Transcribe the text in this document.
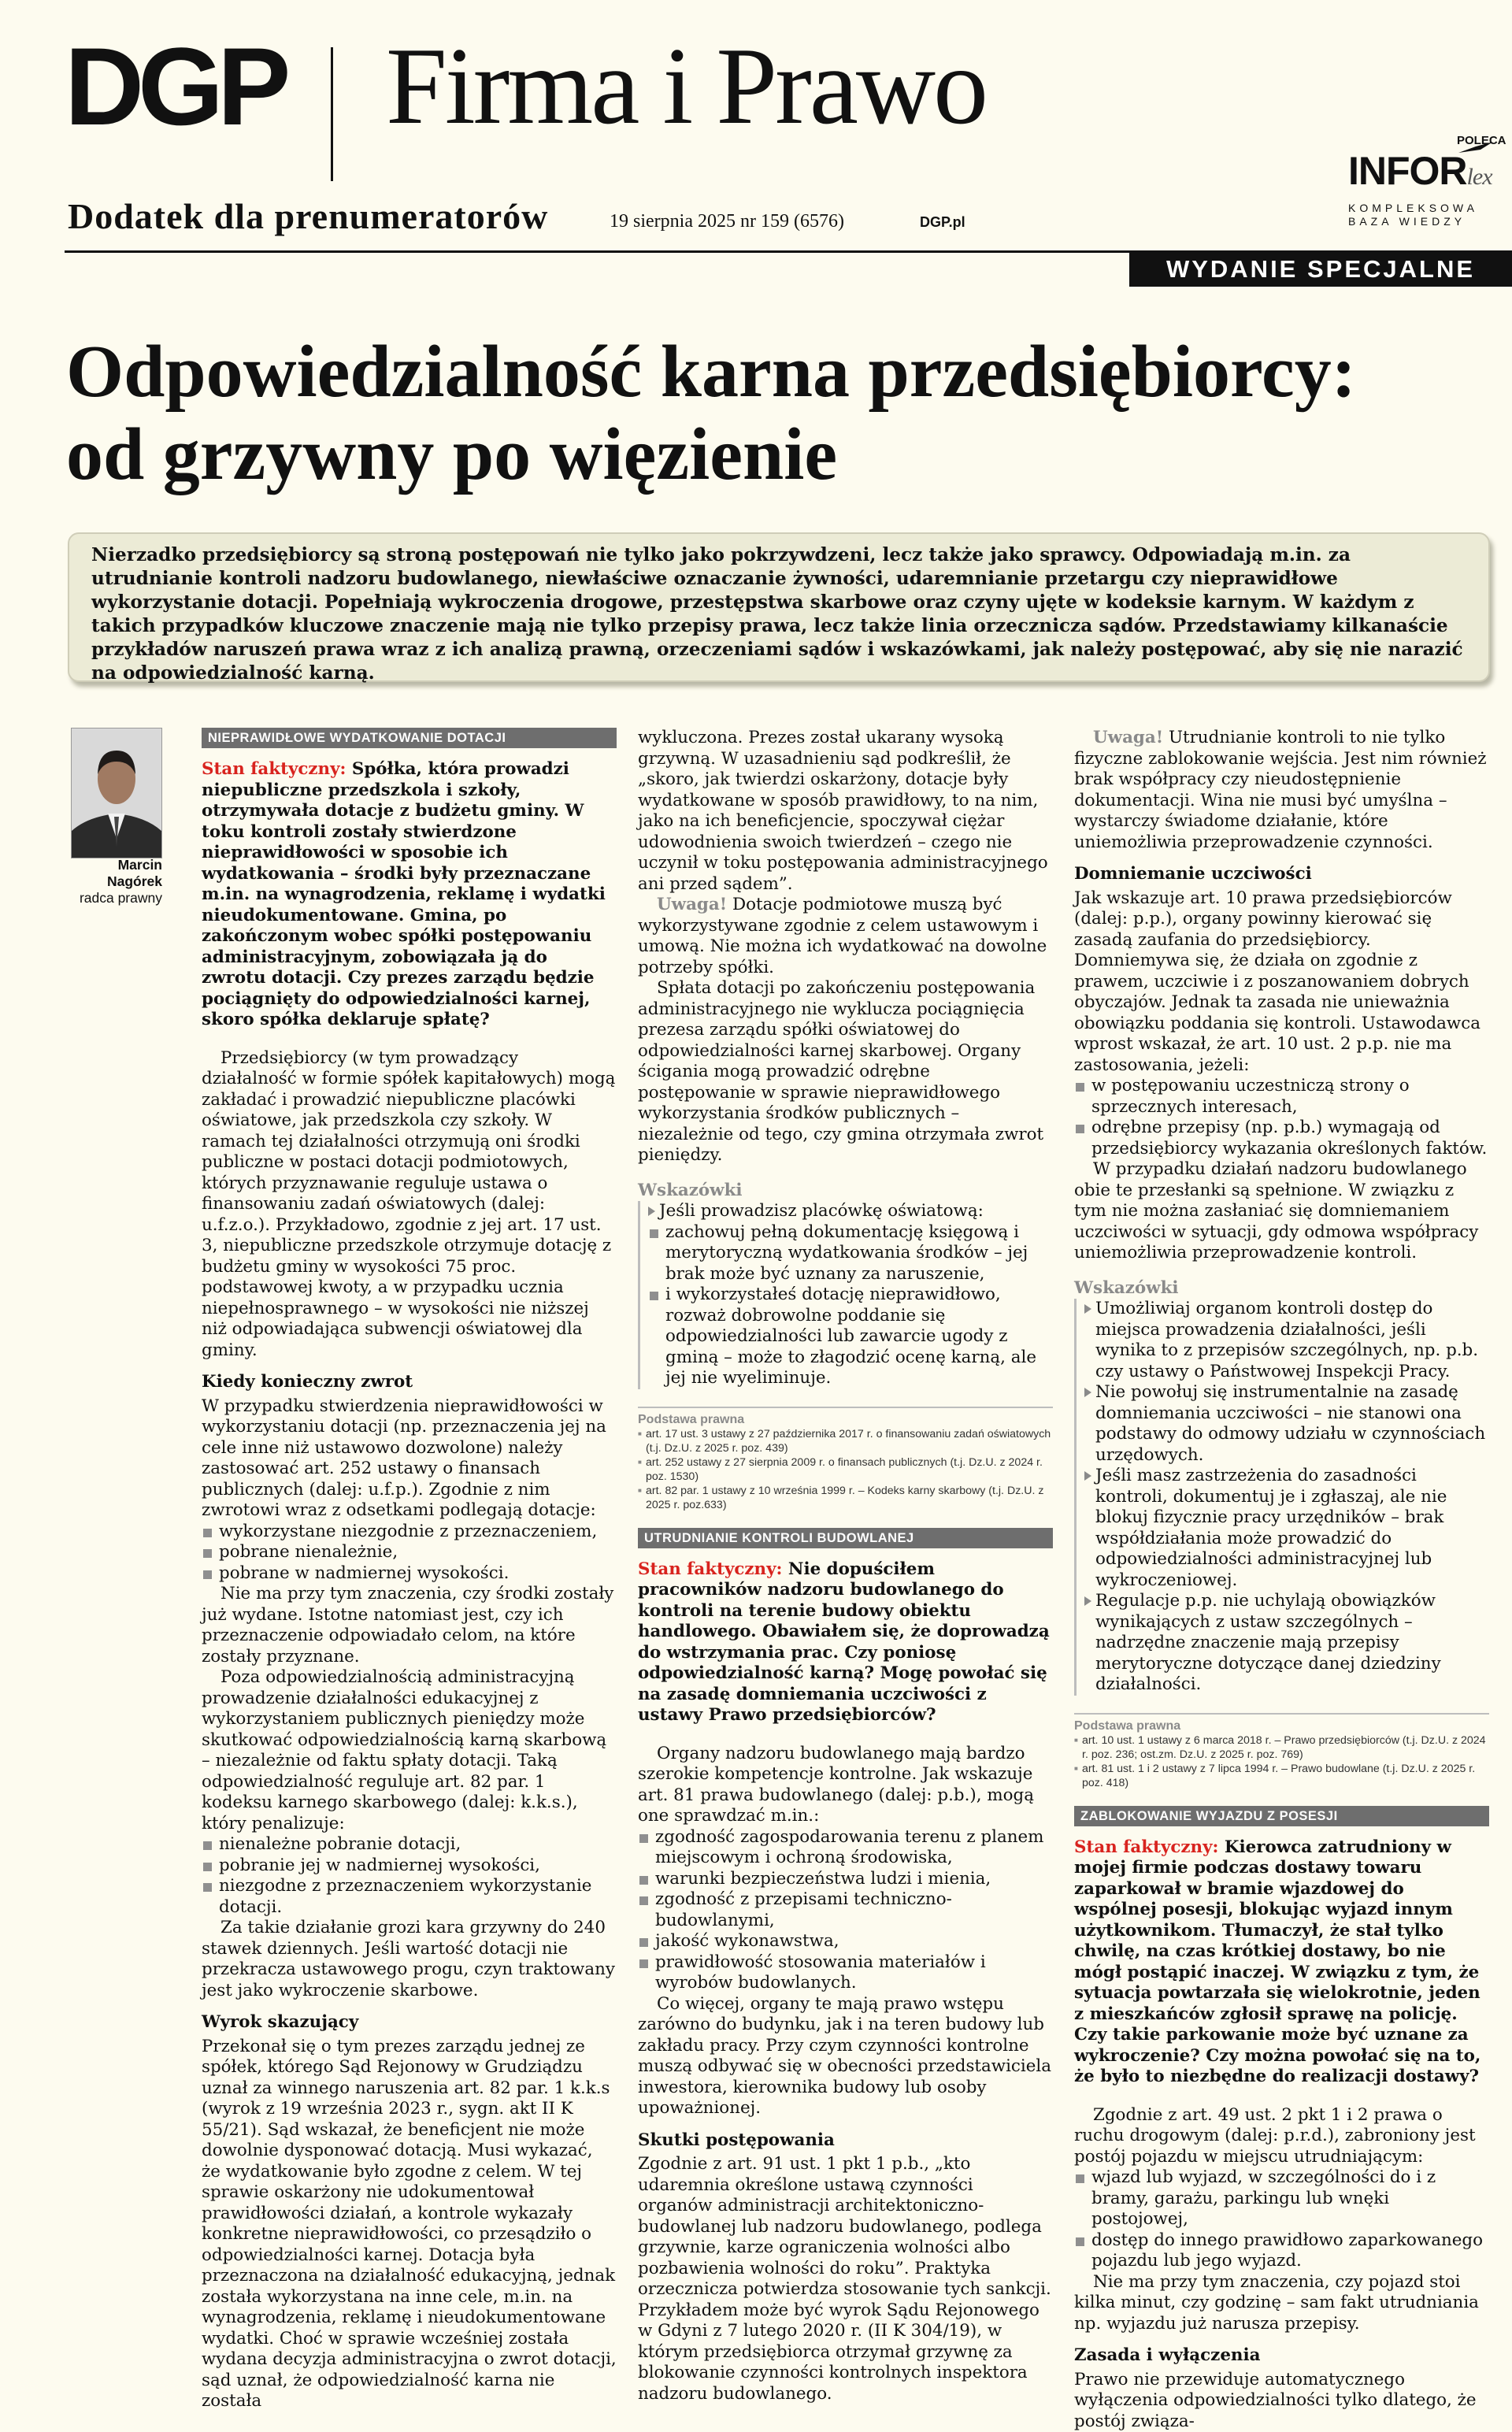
DGP Firma i Prawo
Dodatek dla prenumeratorów	19 sierpnia 2025 nr 159 (6576)	DGP.pl
POLECA
INFORlex
KOMPLEKSOWA
BAZA WIEDZY
WYDANIE SPECJALNE
Odpowiedzialność karna przedsiębiorcy:
od grzywny po więzienie

Nierzadko przedsiębiorcy są stroną postępowań nie tylko jako pokrzywdzeni, lecz także jako sprawcy. Odpowiadają m.in. za utrudnianie kontroli nadzoru budowlanego, niewłaściwe oznaczanie żywności, udaremnianie przetargu czy nieprawidłowe wykorzystanie dotacji. Popełniają wykroczenia drogowe, przestępstwa skarbowe oraz czyny ujęte w kodeksie karnym. W każdym z takich przypadków kluczowe znaczenie mają nie tylko przepisy prawa, lecz także linia orzecznicza sądów. Przedstawiamy kilkanaście przykładów naruszeń prawa wraz z ich analizą prawną, orzeczeniami sądów i wskazówkami, jak należy postępować, aby się nie narazić na odpowiedzialność karną.

Marcin
Nagórek
radca prawny
NIEPRAWIDŁOWE WYDATKOWANIE DOTACJI

Stan faktyczny: Spółka, która prowadzi niepubliczne przedszkola i szkoły, otrzymywała dotacje z budżetu gminy. W toku kontroli zostały stwierdzone nieprawidłowości w sposobie ich wydatkowania – środki były przeznaczane m.in. na wynagrodzenia, reklamę i wydatki nieudokumentowane. Gmina, po zakończonym wobec spółki postępowaniu administracyjnym, zobowiązała ją do zwrotu dotacji. Czy prezes zarządu będzie pociągnięty do odpowiedzialności karnej, skoro spółka deklaruje spłatę?

Przedsiębiorcy (w tym prowadzący działalność w formie spółek kapitałowych) mogą zakładać i prowadzić niepubliczne placówki oświatowe, jak przedszkola czy szkoły. W ramach tej działalności otrzymują oni środki publiczne w postaci dotacji podmiotowych, których przyznawanie reguluje ustawa o finansowaniu zadań oświatowych (dalej: u.f.z.o.). Przykładowo, zgodnie z jej art. 17 ust. 3, niepubliczne przedszkole otrzymuje dotację z budżetu gminy w wysokości 75 proc. podstawowej kwoty, a w przypadku ucznia niepełnosprawnego – w wysokości nie niższej niż odpowiadająca subwencji oświatowej dla gminy.

Kiedy konieczny zwrot

W przypadku stwierdzenia nieprawidłowości w wykorzystaniu dotacji (np. przeznaczenia jej na cele inne niż ustawowo dozwolone) należy zastosować art. 252 ustawy o finansach publicznych (dalej: u.f.p.). Zgodnie z nim zwrotowi wraz z odsetkami podlegają dotacje:

wykorzystane niezgodnie z przeznaczeniem,
pobrane nienależnie,
pobrane w nadmiernej wysokości.

Nie ma przy tym znaczenia, czy środki zostały już wydane. Istotne natomiast jest, czy ich przeznaczenie odpowiadało celom, na które zostały przyznane.

Poza odpowiedzialnością administracyjną prowadzenie działalności edukacyjnej z wykorzystaniem publicznych pieniędzy może skutkować odpowiedzialnością karną skarbową – niezależnie od faktu spłaty dotacji. Taką odpowiedzialność reguluje art. 82 par. 1 kodeksu karnego skarbowego (dalej: k.k.s.), który penalizuje:

nienależne pobranie dotacji,
pobranie jej w nadmiernej wysokości,
niezgodne z przeznaczeniem wykorzystanie dotacji.

Za takie działanie grozi kara grzywny do 240 stawek dziennych. Jeśli wartość dotacji nie przekracza ustawowego progu, czyn traktowany jest jako wykroczenie skarbowe.

Wyrok skazujący

Przekonał się o tym prezes zarządu jednej ze spółek, którego Sąd Rejonowy w Grudziądzu uznał za winnego naruszenia art. 82 par. 1 k.k.s (wyrok z 19 września 2023 r., sygn. akt II K 55/21). Sąd wskazał, że beneficjent nie może dowolnie dysponować dotacją. Musi wykazać, że wydatkowanie było zgodne z celem. W tej sprawie oskarżony nie udokumentował prawidłowości działań, a kontrole wykazały konkretne nieprawidłowości, co przesądziło o odpowiedzialności karnej. Dotacja była przeznaczona na działalność edukacyjną, jednak została wykorzystana na inne cele, m.in. na wynagrodzenia, reklamę i nieudokumentowane wydatki. Choć w sprawie wcześniej została wydana decyzja administracyjna o zwrot dotacji, sąd uznał, że odpowiedzialność karna nie została

wykluczona. Prezes został ukarany wysoką grzywną. W uzasadnieniu sąd podkreślił, że „skoro, jak twierdzi oskarżony, dotacje były wydatkowane w sposób prawidłowy, to na nim, jako na ich beneficjencie, spoczywał ciężar udowodnienia swoich twierdzeń – czego nie uczynił w toku postępowania administracyjnego ani przed sądem”.

Uwaga! Dotacje podmiotowe muszą być wykorzystywane zgodnie z celem ustawowym i umową. Nie można ich wydatkować na dowolne potrzeby spółki.

Spłata dotacji po zakończeniu postępowania administracyjnego nie wyklucza pociągnięcia prezesa zarządu spółki oświatowej do odpowiedzialności karnej skarbowej. Organy ścigania mogą prowadzić odrębne postępowanie w sprawie nieprawidłowego wykorzystania środków publicznych – niezależnie od tego, czy gmina otrzymała zwrot pieniędzy.

Wskazówki

Jeśli prowadzisz placówkę oświatową:

zachowuj pełną dokumentację księgową i merytoryczną wydatkowania środków – jej brak może być uznany za naruszenie,
i wykorzystałeś dotację nieprawidłowo, rozważ dobrowolne poddanie się odpowiedzialności lub zawarcie ugody z gminą – może to złagodzić ocenę karną, ale jej nie wyeliminuje.
Podstawa prawna

■ art. 17 ust. 3 ustawy z 27 października 2017 r. o finansowaniu zadań oświatowych (t.j. Dz.U. z 2025 r. poz. 439)

■ art. 252 ustawy z 27 sierpnia 2009 r. o finansach publicznych (t.j. Dz.U. z 2024 r. poz. 1530)

■ art. 82 par. 1 ustawy z 10 września 1999 r. – Kodeks karny skarbowy (t.j. Dz.U. z 2025 r. poz.633)

UTRUDNIANIE KONTROLI BUDOWLANEJ

Stan faktyczny: Nie dopuściłem pracowników nadzoru budowlanego do kontroli na terenie budowy obiektu handlowego. Obawiałem się, że doprowadzą do wstrzymania prac. Czy poniosę odpowiedzialność karną? Mogę powołać się na zasadę domniemania uczciwości z ustawy Prawo przedsiębiorców?

Organy nadzoru budowlanego mają bardzo szerokie kompetencje kontrolne. Jak wskazuje art. 81 prawa budowlanego (dalej: p.b.), mogą one sprawdzać m.in.:

zgodność zagospodarowania terenu z planem miejscowym i ochroną środowiska,
warunki bezpieczeństwa ludzi i mienia,
zgodność z przepisami techniczno-budowlanymi,
jakość wykonawstwa,
prawidłowość stosowania materiałów i wyrobów budowlanych.

Co więcej, organy te mają prawo wstępu zarówno do budynku, jak i na teren budowy lub zakładu pracy. Przy czym czynności kontrolne muszą odbywać się w obecności przedstawiciela inwestora, kierownika budowy lub osoby upoważnionej.

Skutki postępowania

Zgodnie z art. 91 ust. 1 pkt 1 p.b., „kto udaremnia określone ustawą czynności organów administracji architektoniczno-budowlanej lub nadzoru budowlanego, podlega grzywnie, karze ograniczenia wolności albo pozbawienia wolności do roku”. Praktyka orzecznicza potwierdza stosowanie tych sankcji. Przykładem może być wyrok Sądu Rejonowego w Gdyni z 7 lutego 2020 r. (II K 304/19), w którym przedsiębiorca otrzymał grzywnę za blokowanie czynności kontrolnych inspektora nadzoru budowlanego.

Uwaga! Utrudnianie kontroli to nie tylko fizyczne zablokowanie wejścia. Jest nim również brak współpracy czy nieudostępnienie dokumentacji. Wina nie musi być umyślna – wystarczy świadome działanie, które uniemożliwia przeprowadzenie czynności.

Domniemanie uczciwości

Jak wskazuje art. 10 prawa przedsiębiorców (dalej: p.p.), organy powinny kierować się zasadą zaufania do przedsiębiorcy. Domniemywa się, że działa on zgodnie z prawem, uczciwie i z poszanowaniem dobrych obyczajów. Jednak ta zasada nie unieważnia obowiązku poddania się kontroli. Ustawodawca wprost wskazał, że art. 10 ust. 2 p.p. nie ma zastosowania, jeżeli:

w postępowaniu uczestniczą strony o sprzecznych interesach,
odrębne przepisy (np. p.b.) wymagają od przedsiębiorcy wykazania określonych faktów.

W przypadku działań nadzoru budowlanego obie te przesłanki są spełnione. W związku z tym nie można zasłaniać się domniemaniem uczciwości w sytuacji, gdy odmowa współpracy uniemożliwia przeprowadzenie kontroli.

Wskazówki

Umożliwiaj organom kontroli dostęp do miejsca prowadzenia działalności, jeśli wynika to z przepisów szczególnych, np. p.b. czy ustawy o Państwowej Inspekcji Pracy.

Nie powołuj się instrumentalnie na zasadę domniemania uczciwości – nie stanowi ona podstawy do odmowy udziału w czynnościach urzędowych.

Jeśli masz zastrzeżenia do zasadności kontroli, dokumentuj je i zgłaszaj, ale nie blokuj fizycznie pracy urzędników – brak współdziałania może prowadzić do odpowiedzialności administracyjnej lub wykroczeniowej.

Regulacje p.p. nie uchylają obowiązków wynikających z ustaw szczególnych – nadrzędne znaczenie mają przepisy merytoryczne dotyczące danej dziedziny działalności.

Podstawa prawna

■ art. 10 ust. 1 ustawy z 6 marca 2018 r. – Prawo przedsiębiorców (t.j. Dz.U. z 2024 r. poz. 236; ost.zm. Dz.U. z 2025 r. poz. 769)

■ art. 81 ust. 1 i 2 ustawy z 7 lipca 1994 r. – Prawo budowlane (t.j. Dz.U. z 2025 r. poz. 418)

ZABLOKOWANIE WYJAZDU Z POSESJI

Stan faktyczny: Kierowca zatrudniony w mojej firmie podczas dostawy towaru zaparkował w bramie wjazdowej do wspólnej posesji, blokując wyjazd innym użytkownikom. Tłumaczył, że stał tylko chwilę, na czas krótkiej dostawy, bo nie mógł postąpić inaczej. W związku z tym, że sytuacja powtarzała się wielokrotnie, jeden z mieszkańców zgłosił sprawę na policję. Czy takie parkowanie może być uznane za wykroczenie? Czy można powołać się na to, że było to niezbędne do realizacji dostawy?

Zgodnie z art. 49 ust. 2 pkt 1 i 2 prawa o ruchu drogowym (dalej: p.r.d.), zabroniony jest postój pojazdu w miejscu utrudniającym:

wjazd lub wyjazd, w szczególności do i z bramy, garażu, parkingu lub wnęki postojowej,
dostęp do innego prawidłowo zaparkowanego pojazdu lub jego wyjazd.

Nie ma przy tym znaczenia, czy pojazd stoi kilka minut, czy godzinę – sam fakt utrudniania np. wyjazdu już narusza przepisy.

Zasada i wyłączenia

Prawo nie przewiduje automatycznego wyłączenia odpowiedzialności tylko dlatego, że postój związa-
